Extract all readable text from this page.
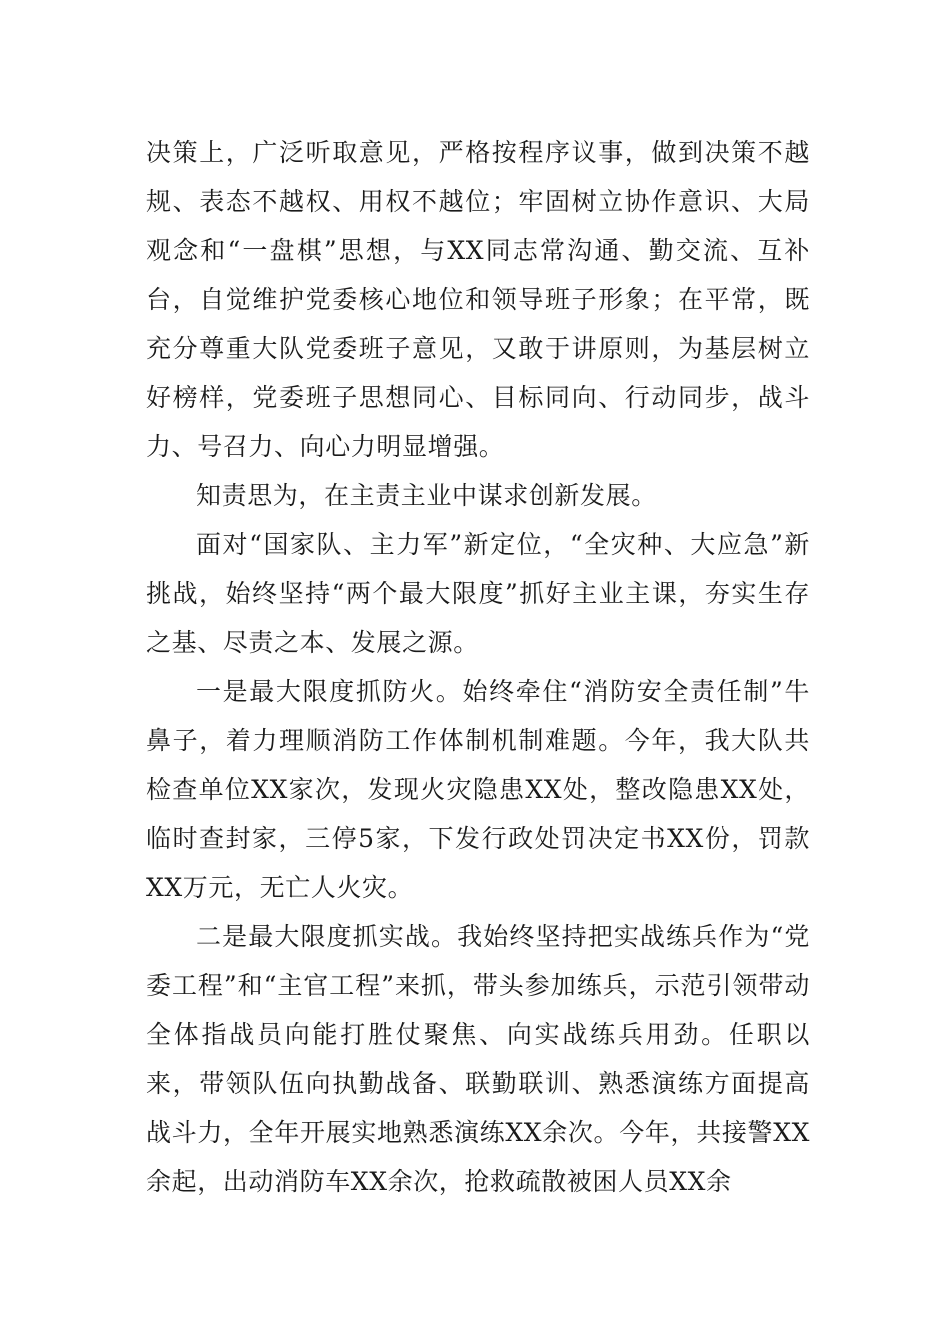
决策上，广泛听取意见，严格按程序议事，做到决策不越规、表态不越权、用权不越位；牢固树立协作意识、大局观念和“一盘棋”思想，与XX同志常沟通、勤交流、互补台，自觉维护党委核心地位和领导班子形象；在平常，既充分尊重大队党委班子意见，又敢于讲原则，为基层树立好榜样，党委班子思想同心、目标同向、行动同步，战斗力、号召力、向心力明显增强。

知责思为，在主责主业中谋求创新发展。

面对“国家队、主力军”新定位，“全灾种、大应急”新挑战，始终坚持“两个最大限度”抓好主业主课，夯实生存之基、尽责之本、发展之源。

一是最大限度抓防火。始终牵住“消防安全责任制”牛鼻子，着力理顺消防工作体制机制难题。今年，我大队共检查单位XX家次，发现火灾隐患XX处，整改隐患XX处，临时查封家，三停5家，下发行政处罚决定书XX份，罚款XX万元，无亡人火灾。

二是最大限度抓实战。我始终坚持把实战练兵作为“党委工程”和“主官工程”来抓，带头参加练兵，示范引领带动全体指战员向能打胜仗聚焦、向实战练兵用劲。任职以来，带领队伍向执勤战备、联勤联训、熟悉演练方面提高战斗力，全年开展实地熟悉演练XX余次。今年，共接警XX余起，出动消防车XX余次，抢救疏散被困人员XX余
